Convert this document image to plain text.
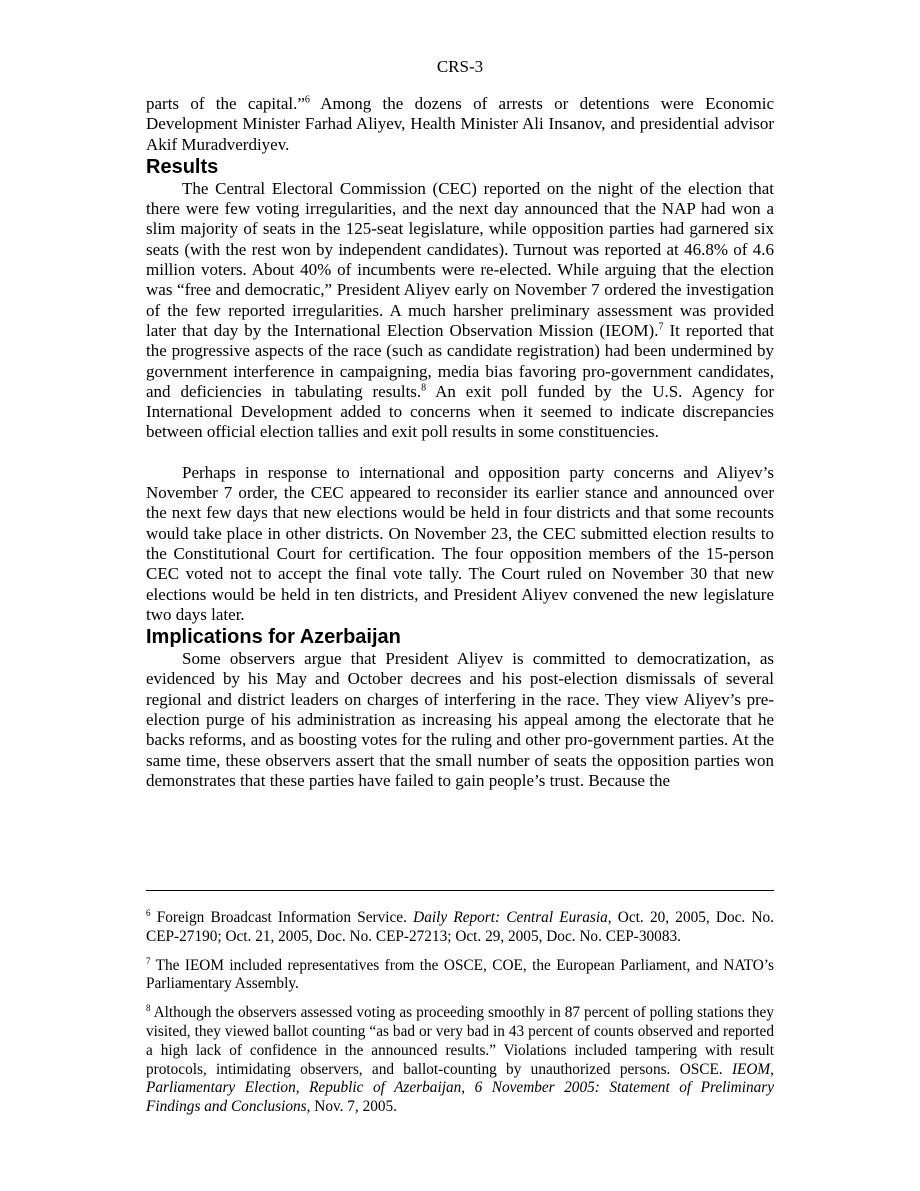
CRS-3

parts of the capital.”$^6$ Among the dozens of arrests or detentions were Economic Development Minister Farhad Aliyev, Health Minister Ali Insanov, and presidential advisor Akif Muradverdiyev.

Results

The Central Electoral Commission (CEC) reported on the night of the election that there were few voting irregularities, and the next day announced that the NAP had won a slim majority of seats in the 125-seat legislature, while opposition parties had garnered six seats (with the rest won by independent candidates). Turnout was reported at 46.8% of 4.6 million voters. About 40% of incumbents were re-elected. While arguing that the election was “free and democratic,” President Aliyev early on November 7 ordered the investigation of the few reported irregularities. A much harsher preliminary assessment was provided later that day by the International Election Observation Mission (IEOM).$^7$ It reported that the progressive aspects of the race (such as candidate registration) had been undermined by government interference in campaigning, media bias favoring pro-government candidates, and deficiencies in tabulating results.$^8$ An exit poll funded by the U.S. Agency for International Development added to concerns when it seemed to indicate discrepancies between official election tallies and exit poll results in some constituencies.

Perhaps in response to international and opposition party concerns and Aliyev’s November 7 order, the CEC appeared to reconsider its earlier stance and announced over the next few days that new elections would be held in four districts and that some recounts would take place in other districts. On November 23, the CEC submitted election results to the Constitutional Court for certification. The four opposition members of the 15-person CEC voted not to accept the final vote tally. The Court ruled on November 30 that new elections would be held in ten districts, and President Aliyev convened the new legislature two days later.

Implications for Azerbaijan

Some observers argue that President Aliyev is committed to democratization, as evidenced by his May and October decrees and his post-election dismissals of several regional and district leaders on charges of interfering in the race. They view Aliyev’s pre-election purge of his administration as increasing his appeal among the electorate that he backs reforms, and as boosting votes for the ruling and other pro-government parties. At the same time, these observers assert that the small number of seats the opposition parties won demonstrates that these parties have failed to gain people’s trust. Because the

$^6$ Foreign Broadcast Information Service. Daily Report: Central Eurasia, Oct. 20, 2005, Doc. No. CEP-27190; Oct. 21, 2005, Doc. No. CEP-27213; Oct. 29, 2005, Doc. No. CEP-30083.

$^7$ The IEOM included representatives from the OSCE, COE, the European Parliament, and NATO’s Parliamentary Assembly.

$^8$ Although the observers assessed voting as proceeding smoothly in 87 percent of polling stations they visited, they viewed ballot counting “as bad or very bad in 43 percent of counts observed and reported a high lack of confidence in the announced results.” Violations included tampering with result protocols, intimidating observers, and ballot-counting by unauthorized persons. OSCE. IEOM, Parliamentary Election, Republic of Azerbaijan, 6 November 2005: Statement of Preliminary Findings and Conclusions, Nov. 7, 2005.
